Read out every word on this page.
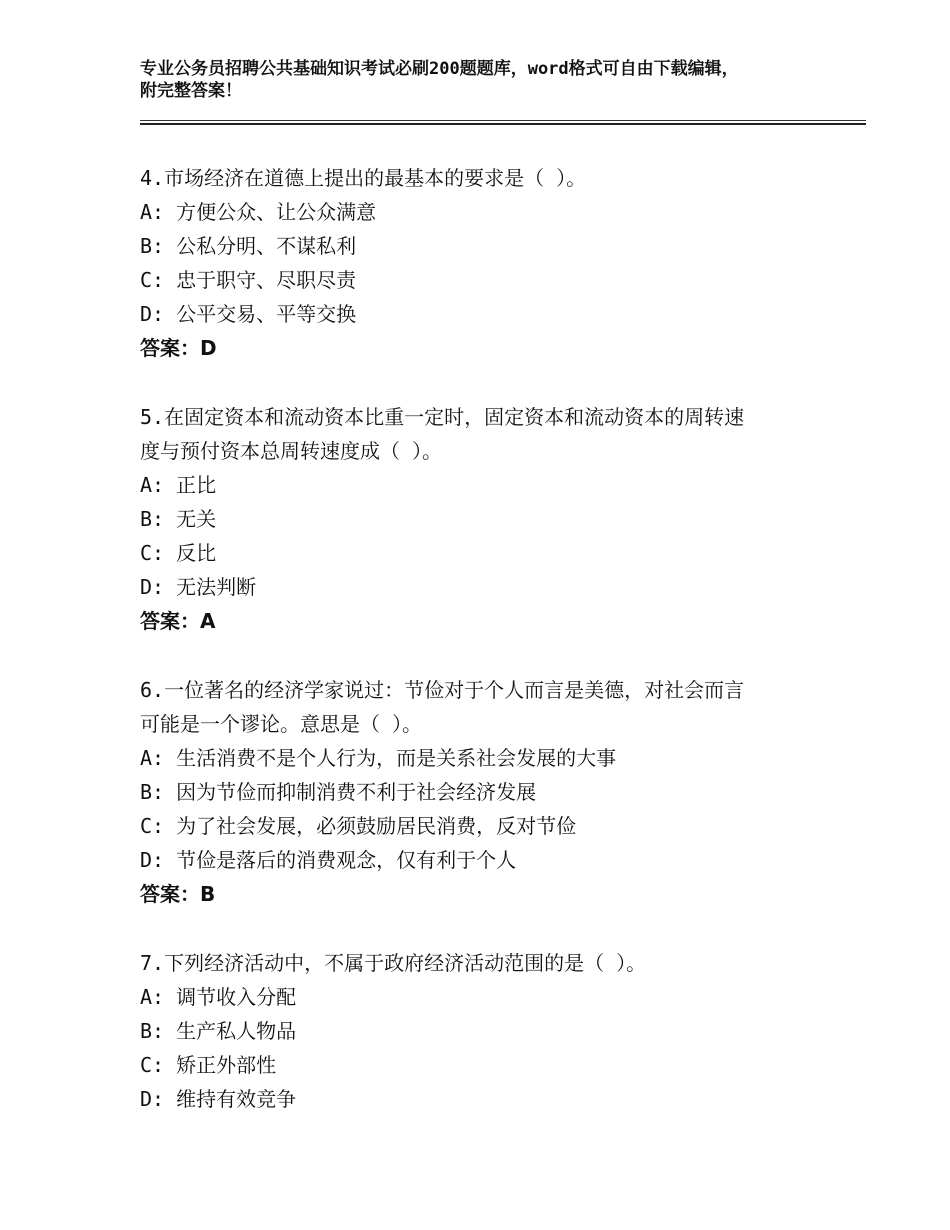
专业公务员招聘公共基础知识考试必刷200题题库，word格式可自由下载编辑，
附完整答案！
4.市场经济在道德上提出的最基本的要求是（ ）。
A: 方便公众、让公众满意
B: 公私分明、不谋私利
C: 忠于职守、尽职尽责
D: 公平交易、平等交换
答案：D
5.在固定资本和流动资本比重一定时，固定资本和流动资本的周转速
度与预付资本总周转速度成（ ）。
A: 正比
B: 无关
C: 反比
D: 无法判断
答案：A
6.一位著名的经济学家说过：节俭对于个人而言是美德，对社会而言
可能是一个谬论。意思是（ ）。
A: 生活消费不是个人行为，而是关系社会发展的大事
B: 因为节俭而抑制消费不利于社会经济发展
C: 为了社会发展，必须鼓励居民消费，反对节俭
D: 节俭是落后的消费观念，仅有利于个人
答案：B
7.下列经济活动中，不属于政府经济活动范围的是（ ）。
A: 调节收入分配
B: 生产私人物品
C: 矫正外部性
D: 维持有效竞争
